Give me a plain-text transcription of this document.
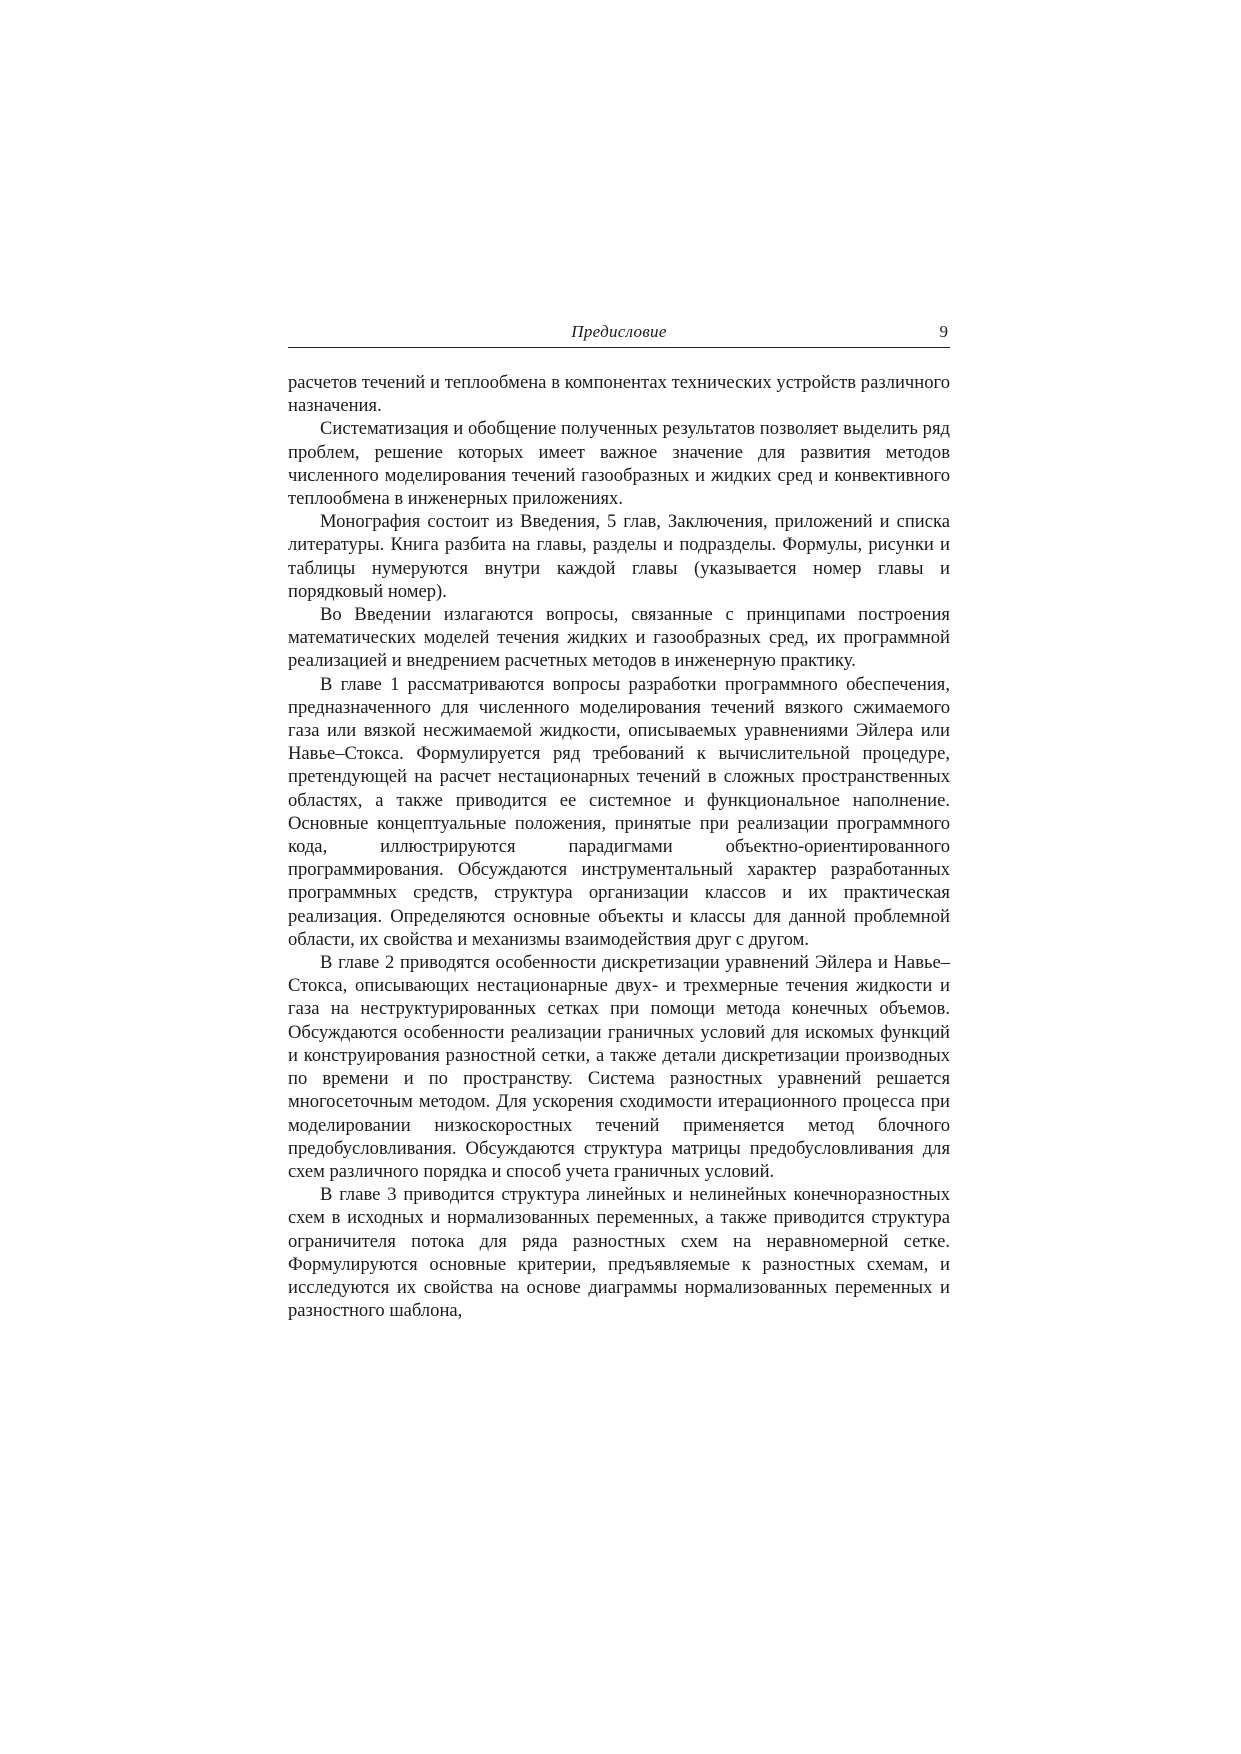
Предисловие	9

расчетов течений и теплообмена в компонентах технических устройств различного назначения.

Систематизация и обобщение полученных результатов позволяет выделить ряд проблем, решение которых имеет важное значение для развития методов численного моделирования течений газообразных и жидких сред и конвективного теплообмена в инженерных приложениях.

Монография состоит из Введения, 5 глав, Заключения, приложений и списка литературы. Книга разбита на главы, разделы и подразделы. Формулы, рисунки и таблицы нумеруются внутри каждой главы (указывается номер главы и порядковый номер).

Во Введении излагаются вопросы, связанные с принципами построения математических моделей течения жидких и газообразных сред, их программной реализацией и внедрением расчетных методов в инженерную практику.

В главе 1 рассматриваются вопросы разработки программного обеспечения, предназначенного для численного моделирования течений вязкого сжимаемого газа или вязкой несжимаемой жидкости, описываемых уравнениями Эйлера или Навье–Стокса. Формулируется ряд требований к вычислительной процедуре, претендующей на расчет нестационарных течений в сложных пространственных областях, а также приводится ее системное и функциональное наполнение. Основные концептуальные положения, принятые при реализации программного кода, иллюстрируются парадигмами объектно-ориентированного программирования. Обсуждаются инструментальный характер разработанных программных средств, структура организации классов и их практическая реализация. Определяются основные объекты и классы для данной проблемной области, их свойства и механизмы взаимодействия друг с другом.

В главе 2 приводятся особенности дискретизации уравнений Эйлера и Навье–Стокса, описывающих нестационарные двух- и трехмерные течения жидкости и газа на неструктурированных сетках при помощи метода конечных объемов. Обсуждаются особенности реализации граничных условий для искомых функций и конструирования разностной сетки, а также детали дискретизации производных по времени и по пространству. Система разностных уравнений решается многосеточным методом. Для ускорения сходимости итерационного процесса при моделировании низкоскоростных течений применяется метод блочного предобусловливания. Обсуждаются структура матрицы предобусловливания для схем различного порядка и способ учета граничных условий.

В главе 3 приводится структура линейных и нелинейных конечноразностных схем в исходных и нормализованных переменных, а также приводится структура ограничителя потока для ряда разностных схем на неравномерной сетке. Формулируются основные критерии, предъявляемые к разностных схемам, и исследуются их свойства на основе диаграммы нормализованных переменных и разностного шаблона,
